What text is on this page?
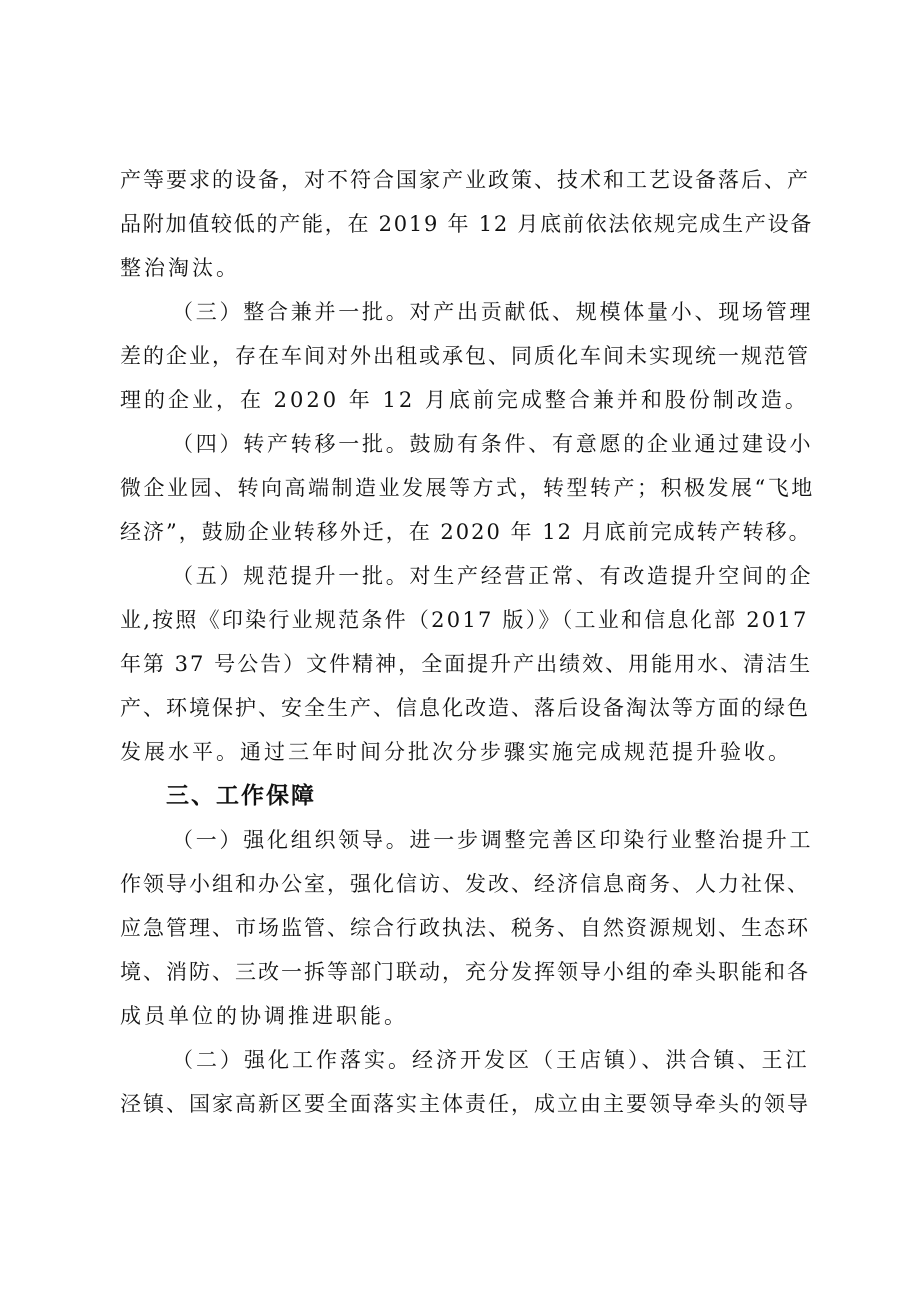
产等要求的设备，对不符合国家产业政策、技术和工艺设备落后、产
品附加值较低的产能，在 2019 年 12 月底前依法依规完成生产设备
整治淘汰。
（三）整合兼并一批。对产出贡献低、规模体量小、现场管理
差的企业，存在车间对外出租或承包、同质化车间未实现统一规范管
理的企业，在 2020 年 12 月底前完成整合兼并和股份制改造。
（四）转产转移一批。鼓励有条件、有意愿的企业通过建设小
微企业园、转向高端制造业发展等方式，转型转产；积极发展“飞地
经济”，鼓励企业转移外迁，在 2020 年 12 月底前完成转产转移。
（五）规范提升一批。对生产经营正常、有改造提升空间的企
业,按照《印染行业规范条件（2017 版）》（工业和信息化部 2017
年第 37 号公告）文件精神，全面提升产出绩效、用能用水、清洁生
产、环境保护、安全生产、信息化改造、落后设备淘汰等方面的绿色
发展水平。通过三年时间分批次分步骤实施完成规范提升验收。
三、工作保障
（一）强化组织领导。进一步调整完善区印染行业整治提升工
作领导小组和办公室，强化信访、发改、经济信息商务、人力社保、
应急管理、市场监管、综合行政执法、税务、自然资源规划、生态环
境、消防、三改一拆等部门联动，充分发挥领导小组的牵头职能和各
成员单位的协调推进职能。
（二）强化工作落实。经济开发区（王店镇）、洪合镇、王江
泾镇、国家高新区要全面落实主体责任，成立由主要领导牵头的领导
